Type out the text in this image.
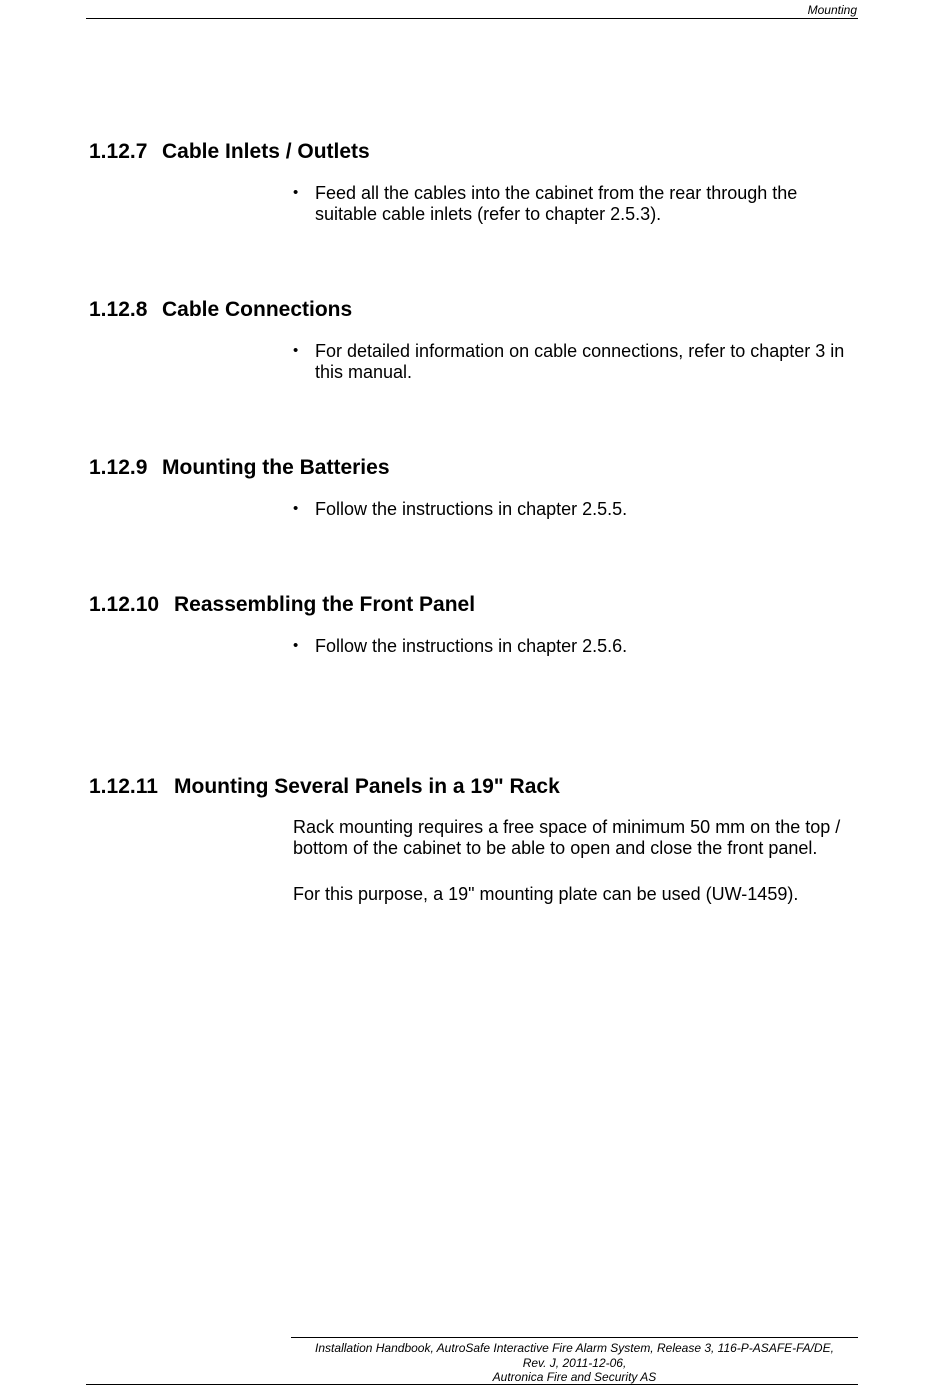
Mounting
1.12.7 Cable Inlets / Outlets
• Feed all the cables into the cabinet from the rear through the suitable cable inlets (refer to chapter 2.5.3).
1.12.8 Cable Connections
• For detailed information on cable connections, refer to chapter 3 in this manual.
1.12.9 Mounting the Batteries
• Follow the instructions in chapter 2.5.5.
1.12.10 Reassembling the Front Panel
• Follow the instructions in chapter 2.5.6.
1.12.11 Mounting Several Panels in a 19" Rack

Rack mounting requires a free space of minimum 50 mm on the top / bottom of the cabinet to be able to open and close the front panel.

For this purpose, a 19" mounting plate can be used (UW-1459).

Installation Handbook, AutroSafe Interactive Fire Alarm System, Release 3, 116-P-ASAFE-FA/DE,
Rev. J, 2011-12-06,
Autronica Fire and Security AS
